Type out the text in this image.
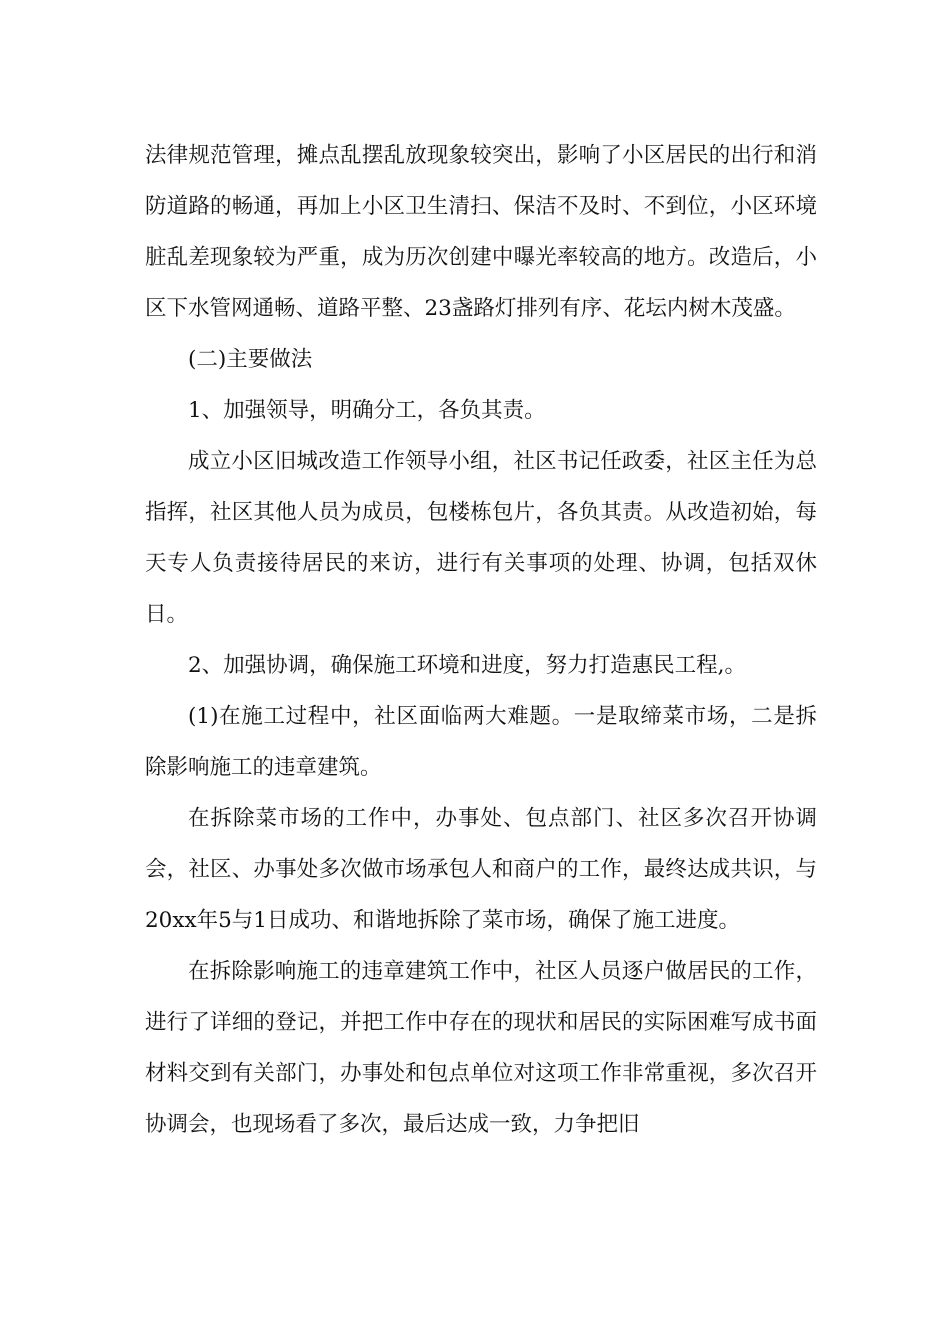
法律规范管理，摊点乱摆乱放现象较突出，影响了小区居民的出行和消防道路的畅通，再加上小区卫生清扫、保洁不及时、不到位，小区环境脏乱差现象较为严重，成为历次创建中曝光率较高的地方。改造后，小区下水管网通畅、道路平整、23盏路灯排列有序、花坛内树木茂盛。

(二)主要做法

1、加强领导，明确分工，各负其责。

成立小区旧城改造工作领导小组，社区书记任政委，社区主任为总指挥，社区其他人员为成员，包楼栋包片，各负其责。从改造初始，每天专人负责接待居民的来访，进行有关事项的处理、协调，包括双休日。

2、加强协调，确保施工环境和进度，努力打造惠民工程,。

(1)在施工过程中，社区面临两大难题。一是取缔菜市场，二是拆除影响施工的违章建筑。

在拆除菜市场的工作中，办事处、包点部门、社区多次召开协调会，社区、办事处多次做市场承包人和商户的工作，最终达成共识，与20xx年5与1日成功、和谐地拆除了菜市场，确保了施工进度。

在拆除影响施工的违章建筑工作中，社区人员逐户做居民的工作，进行了详细的登记，并把工作中存在的现状和居民的实际困难写成书面材料交到有关部门，办事处和包点单位对这项工作非常重视，多次召开协调会，也现场看了多次，最后达成一致，力争把旧
